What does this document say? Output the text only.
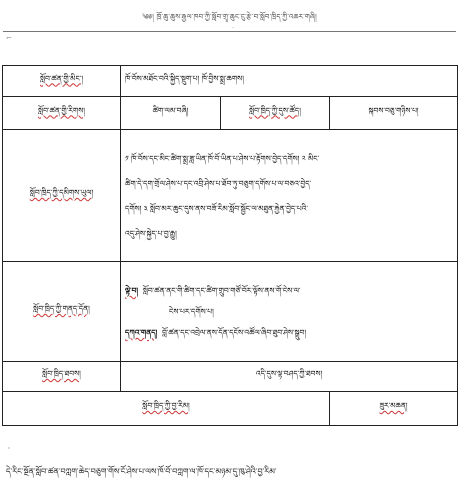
༄༅། ཁྲོ་ཆུ་ཆུས་རྒྱལ་ཁབ་ཀྱི་སློབ་གྲྭ་ཆུང་ངུ་རྩེ་བ་སློབ་ཁྲིད་ཀྱི་འཆར་གཞི།
⌐
·
སློབ་ཚན་གྱི་མིང་།	ཁོ་བོས་མཐོང་བའི་སྐྱིད་སྡུག་པ། ཁོ་བྱིས་སྨྲ་ཆགས།		
སློབ་ཚན་གྱི་རིགས།	ཚིག་ལམ་བཞི།	སློབ་ཁྲིད་ཀྱི་དུས་ཚོད།	སྐབས་བཅུ་གཉིས་པ།
སློབ་ཁྲིད་ཀྱི་དམིགས་ཡུལ།	༡ ཁོ་བོས་དང་མིང་ཚིག་སྨྲ་ཟླ་ཡིན་ཁོ་བོ་ཡིན་པ་ཤེས་པ་རྟོགས་བྱེད་དགོས། ༢ མིང་
ཚིག་དེ་དག་གྲོལ་ཤེས་པ་དང་འབྲི་ཤེས་པ་ཐོབ་ཏུ་བཅུག་དགོས་པ་ལ་བཅའ་བྱེད་
དགོས། ༣ སློབ་མར་ཆུང་དུས་ནས་བཟོ་རིམ་སློབ་སྦྱོང་ལ་མཐུན་རྐྱེན་བྱེད་པའི་
འདུ་ཤེས་སྐྱེད་པ་བྱ་རྒྱུ།		

སློབ་ཁྲིད་ཀྱི་གནད་དོན།	ལྟེ་བ། སློབ་ཚན་ནང་གི་ཚིག་དང་ཚིག་གྲུབ་གཙོ་བོར་ལྟོས་ནས་གོ་ངེས་ལ་
ངེས་པར་དགོས་པ།
དཀའ་གནད། བློ་ཚན་དང་འབྲེལ་ནས་དོན་དངོས་འཚོལ་ཞིབ་ཐུབ་ཤེས་སྒྲུབ།		

སློབ་ཁྲིད་ཐབས།	འདི་དུས་ལྟ་བཤད་ཀྱི་ཐབས།		
སློབ་ཁྲིད་ཀྱི་བྱ་རིམ།			ཟུར་མཆན།
'
དེ་རིང་སྔོན་སློབ་ཚན་བཀླག་ཆེད་བཅུག་གོས་ངོ་ཤེས་པ་ལས་ཁོ་བོ་བཀླག་ལ་ཁོ་དང་མཉམ་དུ་ཁུ་ཤེའི་བྱ་རིམ་
